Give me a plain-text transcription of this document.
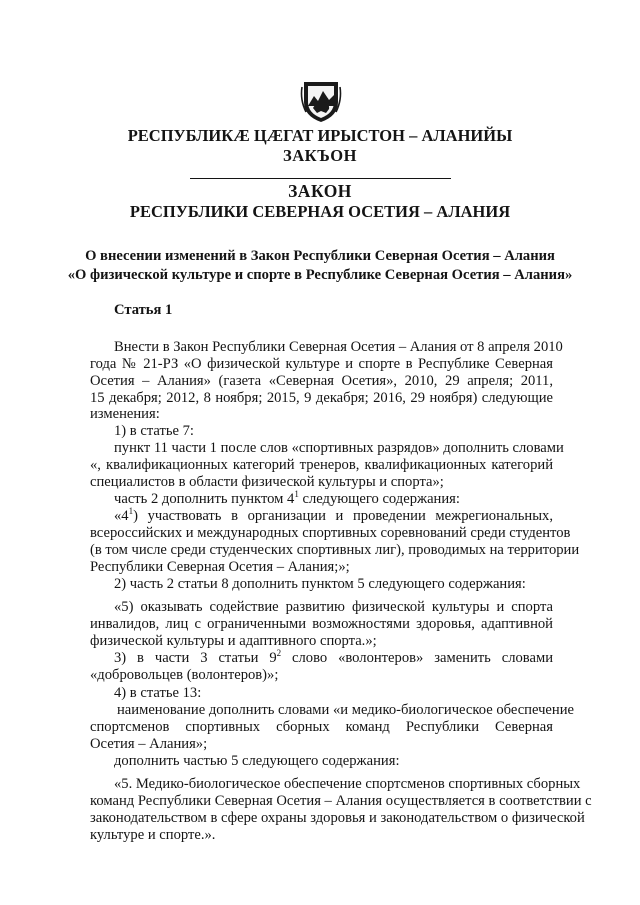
РЕСПУБЛИКӔ ЦӔГАТ ИРЫСТОН – АЛАНИЙЫ
ЗАКЪОН
ЗАКОН
РЕСПУБЛИКИ СЕВЕРНАЯ ОСЕТИЯ – АЛАНИЯ
О внесении изменений в Закон Республики Северная Осетия – Алания
«О физической культуре и спорте в Республике Северная Осетия – Алания»
Статья 1
Внести в Закон Республики Северная Осетия – Алания от 8 апреля 2010
года № 21-РЗ «О физической культуре и спорте в Республике Северная
Осетия – Алания» (газета «Северная Осетия», 2010, 29 апреля; 2011,
15 декабря; 2012, 8 ноября; 2015, 9 декабря; 2016, 29 ноября) следующие
изменения:
1) в статье 7:
пункт 11 части 1 после слов «спортивных разрядов» дополнить словами
«, квалификационных категорий тренеров, квалификационных категорий
специалистов в области физической культуры и спорта»;
часть 2 дополнить пунктом $4^1$ следующего содержания:
«$4^1$) участвовать в организации и проведении межрегиональных,
всероссийских и международных спортивных соревнований среди студентов
(в том числе среди студенческих спортивных лиг), проводимых на территории
Республики Северная Осетия – Алания;»;
2) часть 2 статьи 8 дополнить пунктом 5 следующего содержания:
«5) оказывать содействие развитию физической культуры и спорта
инвалидов, лиц с ограниченными возможностями здоровья, адаптивной
физической культуры и адаптивного спорта.»;
3) в части 3 статьи $9^2$ слово «волонтеров» заменить словами
«добровольцев (волонтеров)»;
4) в статье 13:
наименование дополнить словами «и медико-биологическое обеспечение
спортсменов спортивных сборных команд Республики Северная
Осетия – Алания»;
дополнить частью 5 следующего содержания:
«5. Медико-биологическое обеспечение спортсменов спортивных сборных
команд Республики Северная Осетия – Алания осуществляется в соответствии с
законодательством в сфере охраны здоровья и законодательством о физической
культуре и спорте.».
